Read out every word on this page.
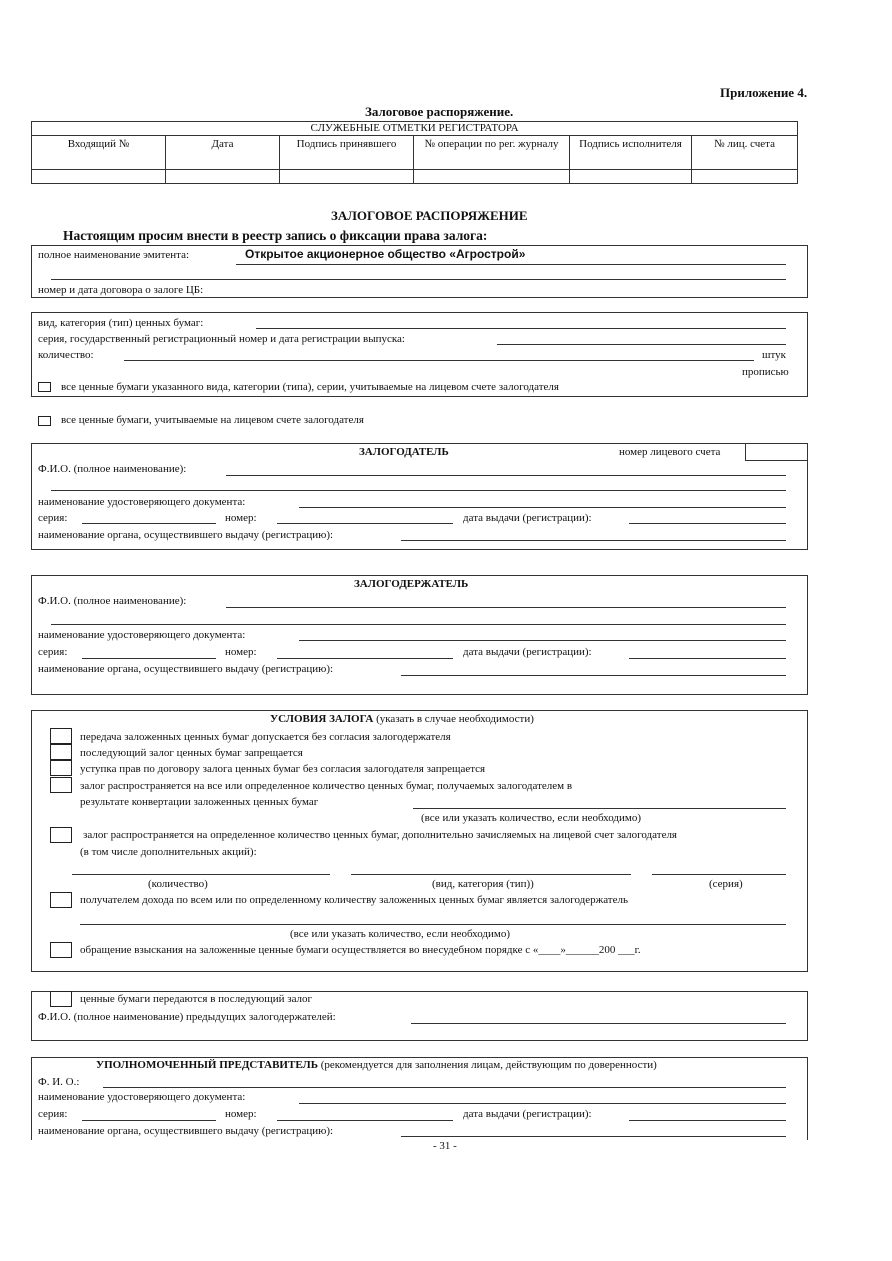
Приложение 4.
Залоговое распоряжение.
СЛУЖЕБНЫЕ ОТМЕТКИ РЕГИСТРАТОРА					
Входящий №	Дата	Подпись принявшего	№ операции по рег. журналу	Подпись исполнителя	№ лиц. счета

ЗАЛОГОВОЕ РАСПОРЯЖЕНИЕ
Настоящим просим внести в реестр запись о фиксации права залога:
полное наименование эмитента:	Открытое акционерное общество «Агрострой»
номер и дата договора о залоге ЦБ:
вид, категория (тип) ценных бумаг:
серия, государственный регистрационный номер и дата регистрации выпуска:
количество:	штук
прописью
все ценные бумаги указанного вида, категории (типа), серии, учитываемые на лицевом счете залогодателя
все ценные бумаги, учитываемые на лицевом счете залогодателя
ЗАЛОГОДАТЕЛЬ	номер лицевого счета
Ф.И.О. (полное наименование):
наименование удостоверяющего документа:
серия:	номер:	дата выдачи (регистрации):
наименование органа, осуществившего выдачу (регистрацию):
ЗАЛОГОДЕРЖАТЕЛЬ
Ф.И.О. (полное наименование):
наименование удостоверяющего документа:
серия:	номер:	дата выдачи (регистрации):
наименование органа, осуществившего выдачу (регистрацию):
УСЛОВИЯ ЗАЛОГА (указать в случае необходимости)
передача заложенных ценных бумаг допускается без согласия залогодержателя
последующий залог ценных бумаг запрещается
уступка прав по договору залога ценных бумаг без согласия залогодателя запрещается
залог распространяется на все или определенное количество ценных бумаг, получаемых залогодателем в
результате конвертации заложенных ценных бумаг
(все или указать количество, если необходимо)
залог распространяется на определенное количество ценных бумаг, дополнительно зачисляемых на лицевой счет залогодателя
(в том числе дополнительных акций):
(количество)	(вид, категория (тип))	(серия)
получателем дохода по всем или по определенному количеству заложенных ценных бумаг является залогодержатель
(все или указать количество, если необходимо)
обращение взыскания на заложенные ценные бумаги осуществляется во внесудебном порядке с «____»______200 ___г.
ценные бумаги передаются в последующий залог
Ф.И.О. (полное наименование) предыдущих залогодержателей:
УПОЛНОМОЧЕННЫЙ ПРЕДСТАВИТЕЛЬ (рекомендуется для заполнения лицам, действующим по доверенности)
Ф. И. О.:
наименование удостоверяющего документа:
серия:	номер:	дата выдачи (регистрации):
наименование органа, осуществившего выдачу (регистрацию):
- 31 -
